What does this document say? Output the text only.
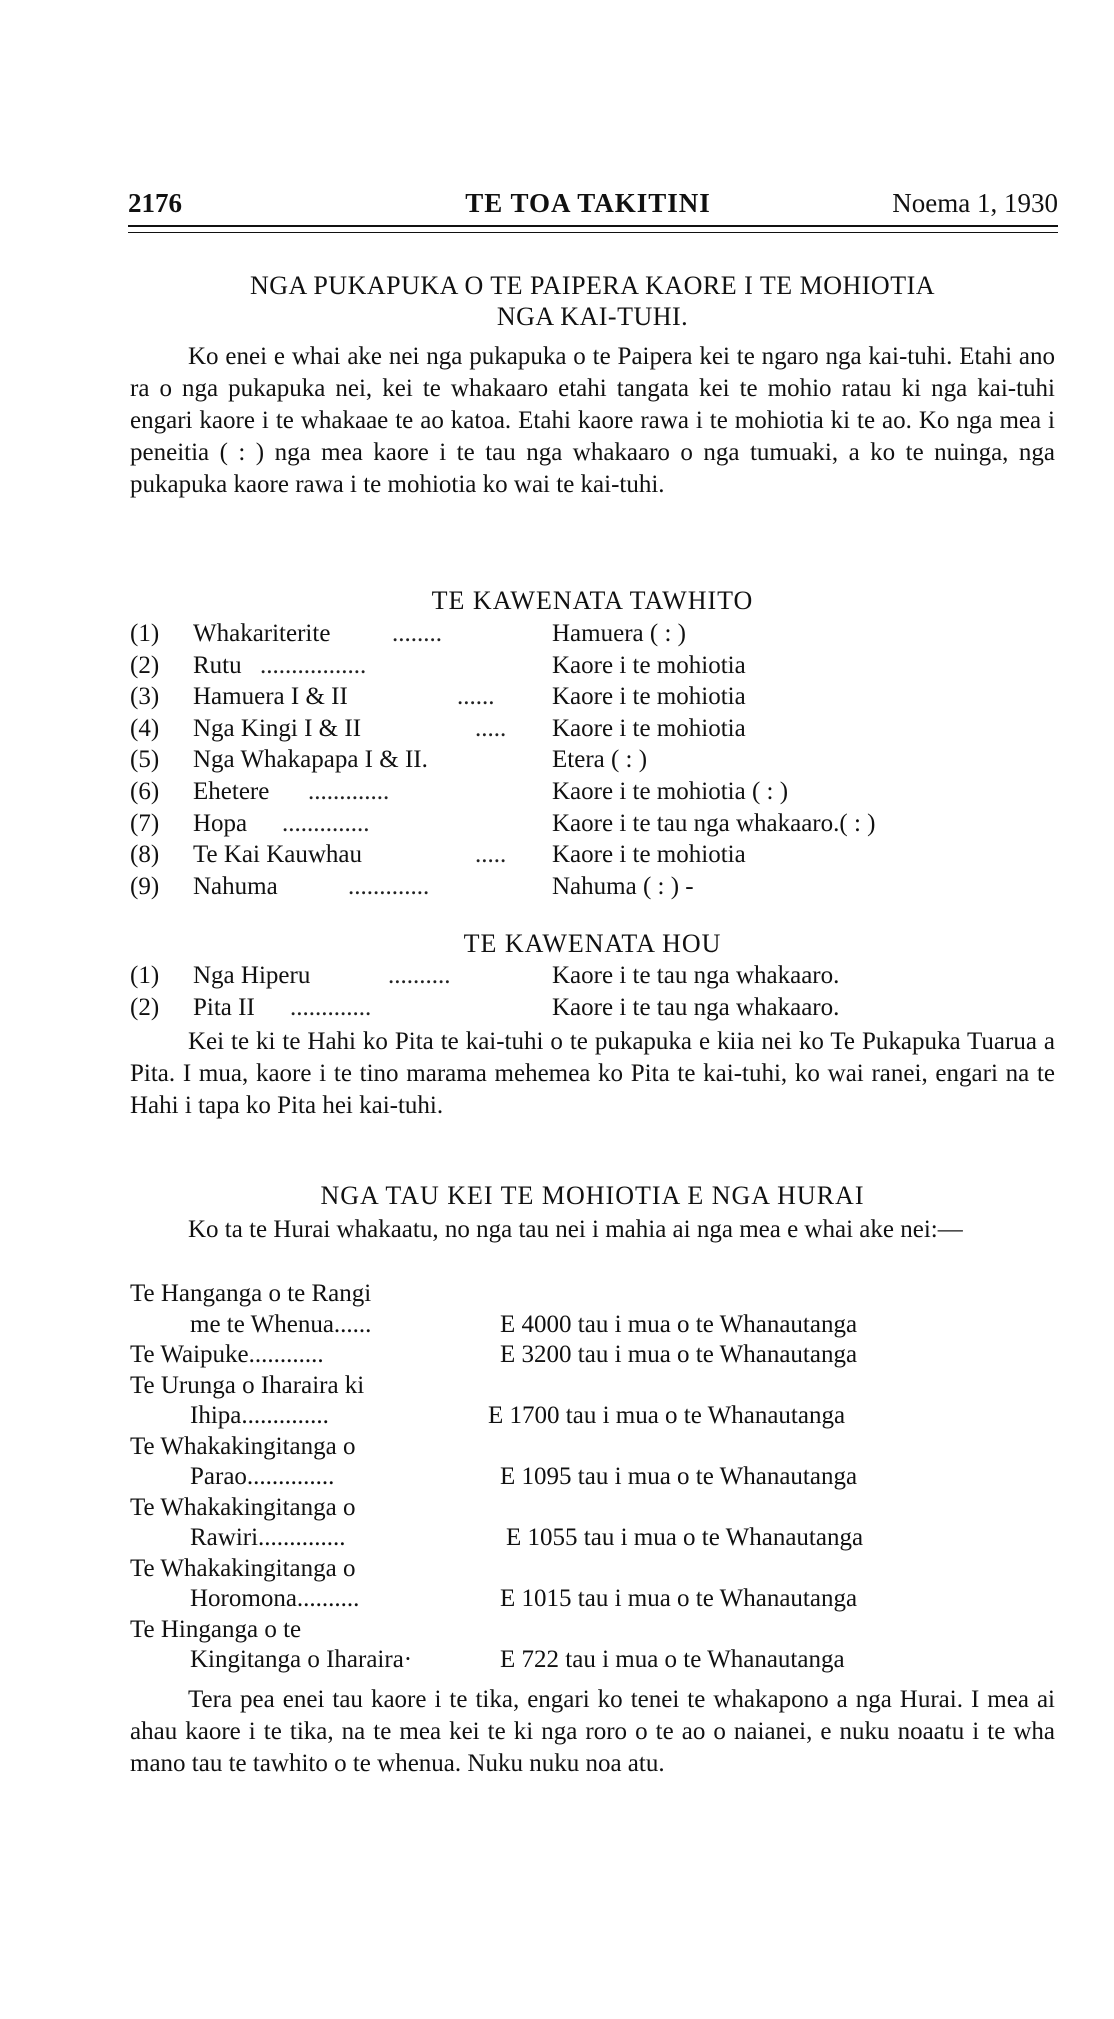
2176	TE TOA TAKITINI	Noema 1, 1930
NGA PUKAPUKA O TE PAIPERA KAORE I TE MOHIOTIA
NGA KAI-TUHI.
Ko enei e whai ake nei nga pukapuka o te Paipera kei te ngaro nga kai-tuhi. Etahi ano ra o nga pukapuka nei, kei te whakaaro etahi tangata kei te mohio ratau ki nga kai-tuhi engari kaore i te whakaae te ao katoa. Etahi kaore rawa i te mohiotia ki te ao. Ko nga mea i peneitia ( : ) nga mea kaore i te tau nga whakaaro o nga tumuaki, a ko te nuinga, nga pukapuka kaore rawa i te mohiotia ko wai te kai-tuhi.
TE KAWENATA TAWHITO
(1)	Whakariterite ........	Hamuera ( : )
(2)	Rutu .................	Kaore i te mohiotia
(3)	Hamuera I & II	...... Kaore i te mohiotia
(4)	Nga Kingi I & II	..... Kaore i te mohiotia
(5)	Nga Whakapapa I & II.	Etera ( : )
(6)	Ehetere .............	Kaore i te mohiotia ( : )
(7)	Hopa ..............	Kaore i te tau nga whakaaro.( : )
(8)	Te Kai Kauwhau	..... Kaore i te mohiotia
(9)	Nahuma	.............	Nahuma ( : ) -
TE KAWENATA HOU
(1)	Nga Hiperu	..........	Kaore i te tau nga whakaaro.
(2)	Pita II .............	Kaore i te tau nga whakaaro.
Kei te ki te Hahi ko Pita te kai-tuhi o te pukapuka e kiia nei ko Te Pukapuka Tuarua a Pita. I mua, kaore i te tino marama mehemea ko Pita te kai-tuhi, ko wai ranei, engari na te Hahi i tapa ko Pita hei kai-tuhi.
NGA TAU KEI TE MOHIOTIA E NGA HURAI
Ko ta te Hurai whakaatu, no nga tau nei i mahia ai nga mea e whai ake nei:—
Te Hanganga o te Rangi
me te Whenua......	E 4000 tau i mua o te Whanautanga
Te Waipuke............	E 3200 tau i mua o te Whanautanga
Te Urunga o Iharaira ki
Ihipa..............	E 1700 tau i mua o te Whanautanga
Te Whakakingitanga o
Parao..............	E 1095 tau i mua o te Whanautanga
Te Whakakingitanga o
Rawiri..............	E 1055 tau i mua o te Whanautanga
Te Whakakingitanga o
Horomona..........	E 1015 tau i mua o te Whanautanga
Te Hinganga o te
Kingitanga o Iharaira·	E 722 tau i mua o te Whanautanga
Tera pea enei tau kaore i te tika, engari ko tenei te whakapono a nga Hurai. I mea ai ahau kaore i te tika, na te mea kei te ki nga roro o te ao o naianei, e nuku noaatu i te wha mano tau te tawhito o te whenua. Nuku nuku noa atu.
